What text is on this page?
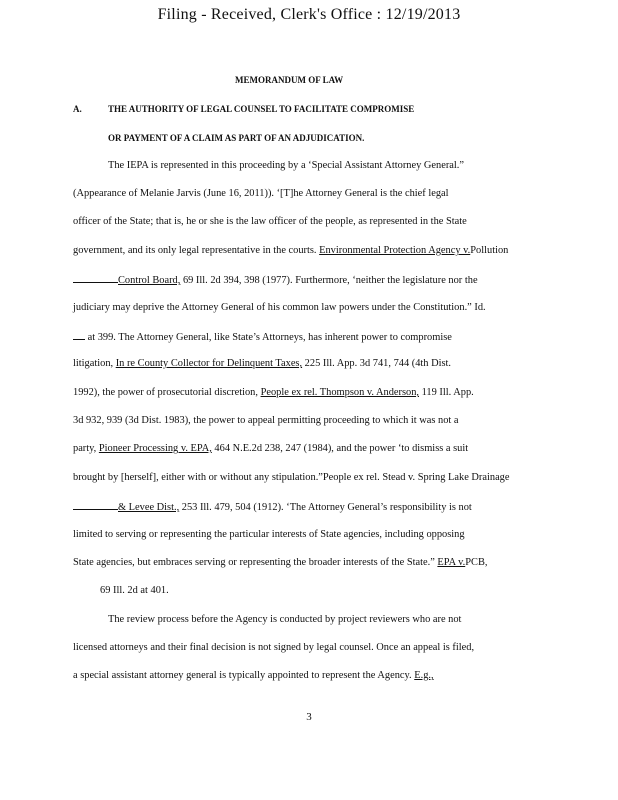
Filing - Received, Clerk's Office : 12/19/2013
MEMORANDUM OF LAW
A.	THE AUTHORITY OF LEGAL COUNSEL TO FACILITATE COMPROMISE
OR PAYMENT OF A CLAIM AS PART OF AN ADJUDICATION.
The IEPA is represented in this proceeding by a ‘Special Assistant Attorney General.”
(Appearance of Melanie Jarvis (June 16, 2011)). ‘[T]he Attorney General is the chief legal
officer of the State; that is, he or she is the law officer of the people, as represented in the State
government, and its only legal representative in the courts. Environmental Protection Agency v.Pollution
Control Board, 69 Ill. 2d 394, 398 (1977). Furthermore, ‘neither the legislature nor the
judiciary may deprive the Attorney General of his common law powers under the Constitution.” Id.
at 399. The Attorney General, like State’s Attorneys, has inherent power to compromise
litigation, In re County Collector for Delinquent Taxes, 225 Ill. App. 3d 741, 744 (4th Dist.
1992), the power of prosecutorial discretion, People ex rel. Thompson v. Anderson, 119 Ill. App.
3d 932, 939 (3d Dist. 1983), the power to appeal permitting proceeding to which it was not a
party, Pioneer Processing v. EPA, 464 N.E.2d 238, 247 (1984), and the power ‘to dismiss a suit
brought by [herself], either with or without any stipulation.”People ex rel. Stead v. Spring Lake Drainage
& Levee Dist., 253 Ill. 479, 504 (1912). ‘The Attorney General’s responsibility is not
limited to serving or representing the particular interests of State agencies, including opposing
State agencies, but embraces serving or representing the broader interests of the State.” EPA v.PCB,
69 Ill. 2d at 401.
The review process before the Agency is conducted by project reviewers who are not
licensed attorneys and their final decision is not signed by legal counsel. Once an appeal is filed,
a special assistant attorney general is typically appointed to represent the Agency. E.g.,
3
